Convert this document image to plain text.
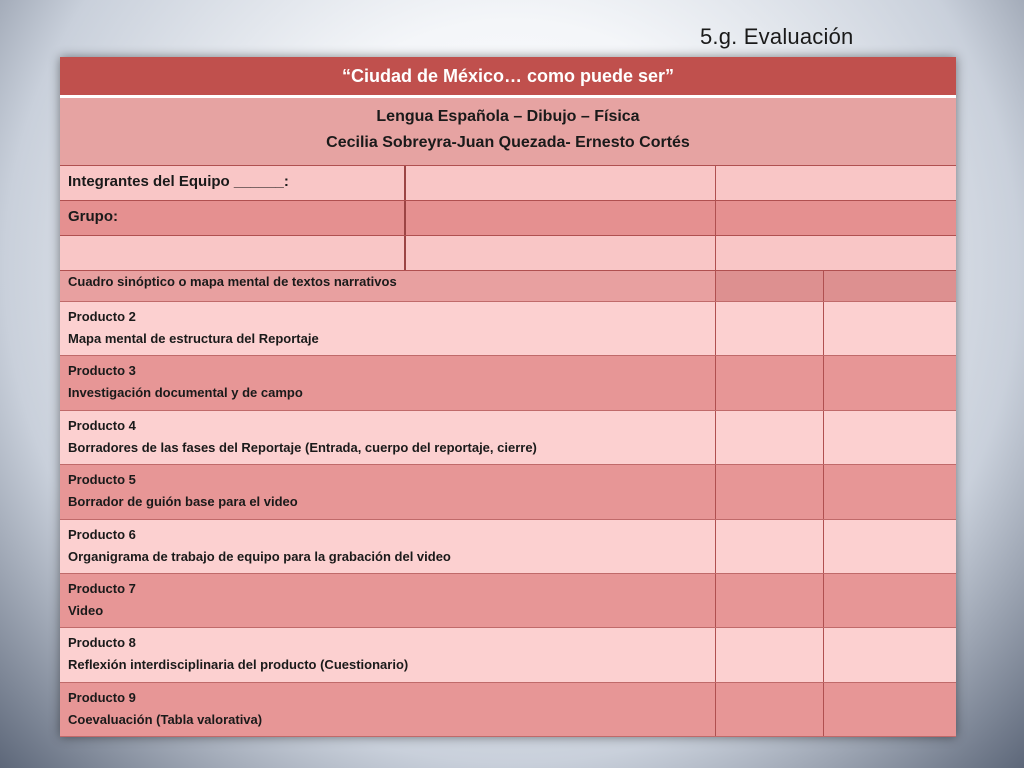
5.g. Evaluación
“Ciudad de México… como puede ser”
Lengua Española – Dibujo – Física
Cecilia Sobreyra-Juan Quezada- Ernesto Cortés
Integrantes del Equipo ______:
Grupo:
Cuadro sinóptico o mapa mental de textos narrativos
Producto 2
Mapa mental de estructura del Reportaje
Producto 3
Investigación documental y de campo
Producto 4
Borradores de las fases del Reportaje (Entrada, cuerpo del reportaje, cierre)
Producto 5
Borrador de guión base para el video
Producto 6
Organigrama de trabajo de equipo para la grabación del video
Producto 7
Video
Producto 8
Reflexión interdisciplinaria del producto (Cuestionario)
Producto 9
Coevaluación (Tabla valorativa)
